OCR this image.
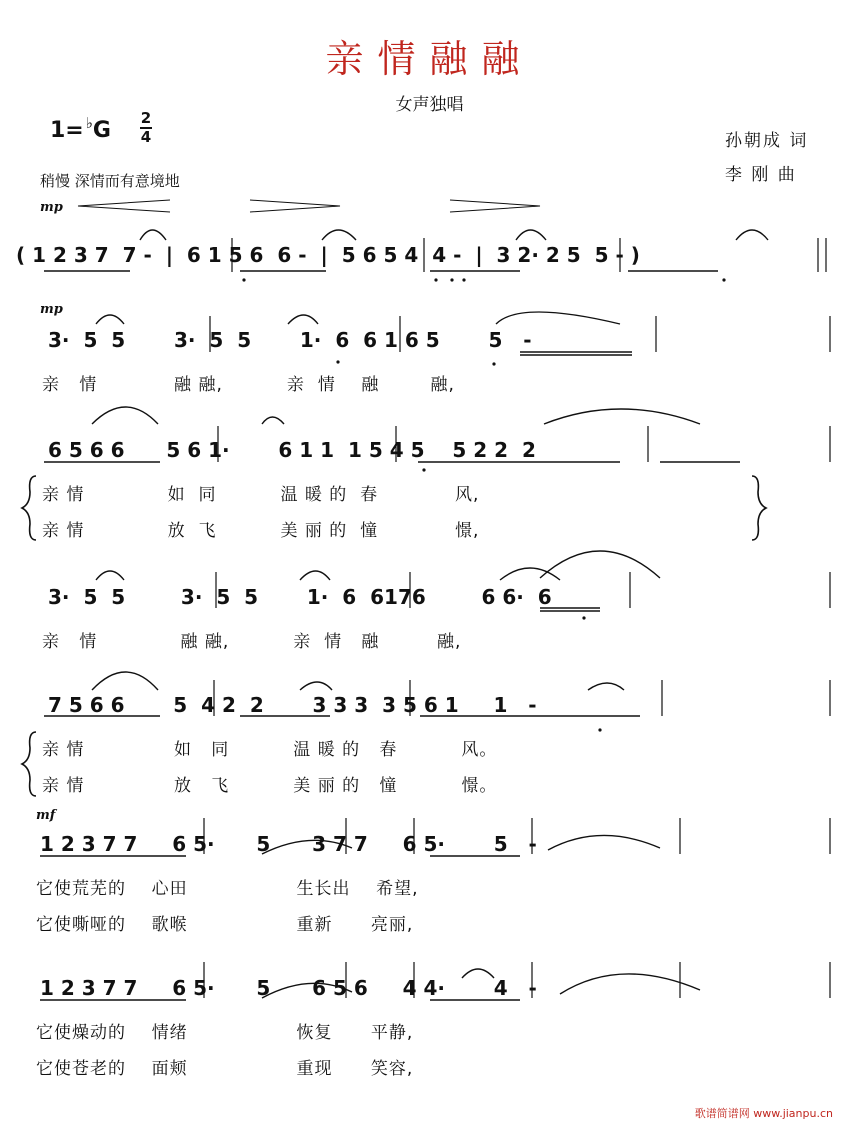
亲情融融
女声独唱
1= ♭G 2
4	孙朝成 词
李 刚 曲
稍慢 深情而有意境地
mp
mp
mf
( 1 2 3 7  7 -  |  6 1 5 6  6 -  |  5 6 5 4  4 -  |  3 2· 2 5  5 - )
3·  5  5       3·  5  5       1·  6  6 1 6 5       5   -
亲   情            融 融,          亲  情    融        融,
6 5 6 6      5 6 1·       6 1 1  1 5 4 5    5 2 2  2
亲 情             如  同          温 暖 的  春            风,
亲 情             放  飞          美 丽 的  憧            憬,
3·  5  5        3·  5  5       1·  6  6176        6 6·  6
亲   情             融 融,          亲  情   融         融,
7 5 6 6       5  4 2  2       3 3 3  3 5 6 1     1   -
亲 情              如   同          温 暖 的   春          风。
亲 情              放   飞          美 丽 的   憧          憬。
1 2 3 7 7     6 5·      5      3 7 7     6 5·       5   -
它使荒芜的    心田                 生长出    希望,
它使嘶哑的    歌喉                 重新      亮丽,
1 2 3 7 7     6 5·      5      6 5 6     4 4·       4   -
它使燥动的    情绪                 恢复      平静,
它使苍老的    面颊                 重现      笑容,
歌谱简谱网 www.jianpu.cn
